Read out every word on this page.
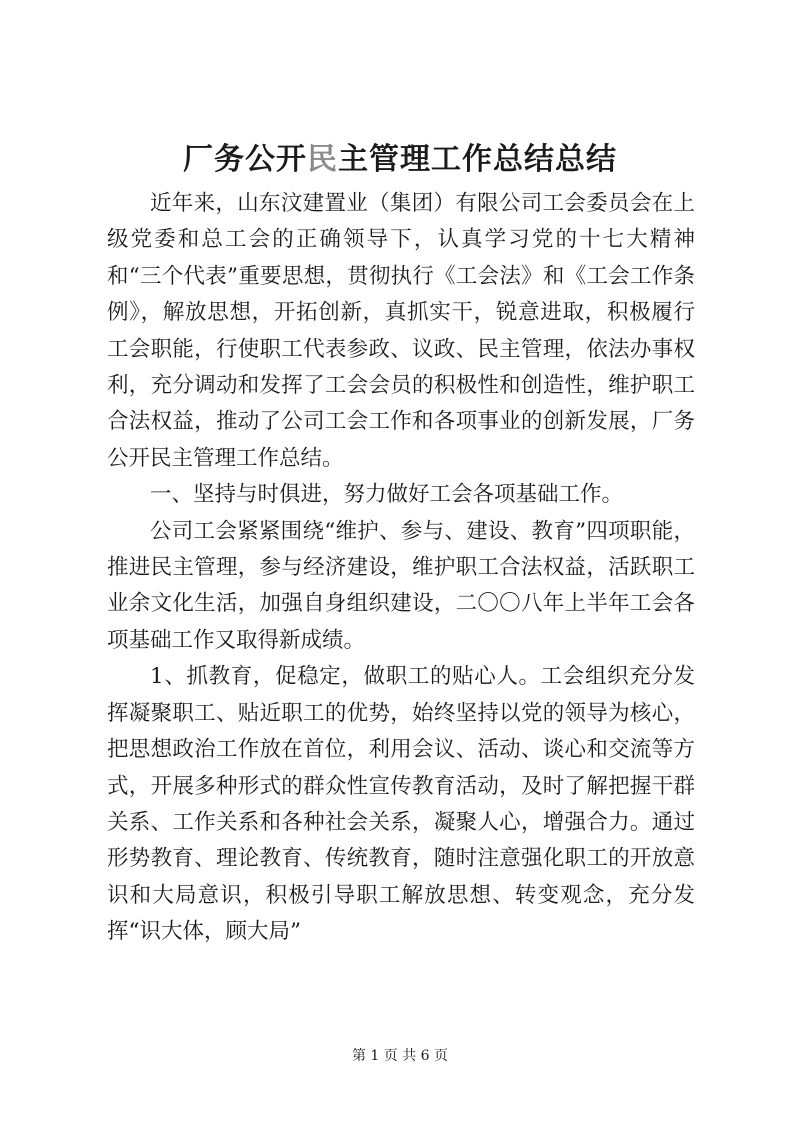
厂务公开民主管理工作总结总结

近年来，山东汶建置业（集团）有限公司工会委员会在上级党委和总工会的正确领导下，认真学习党的十七大精神和“三个代表”重要思想，贯彻执行《工会法》和《工会工作条例》，解放思想，开拓创新，真抓实干，锐意进取，积极履行工会职能，行使职工代表参政、议政、民主管理，依法办事权利，充分调动和发挥了工会会员的积极性和创造性，维护职工合法权益，推动了公司工会工作和各项事业的创新发展，厂务公开民主管理工作总结。

一、坚持与时俱进，努力做好工会各项基础工作。

公司工会紧紧围绕“维护、参与、建设、教育”四项职能，推进民主管理，参与经济建设，维护职工合法权益，活跃职工业余文化生活，加强自身组织建设，二〇〇八年上半年工会各项基础工作又取得新成绩。

1、抓教育，促稳定，做职工的贴心人。工会组织充分发挥凝聚职工、贴近职工的优势，始终坚持以党的领导为核心，把思想政治工作放在首位，利用会议、活动、谈心和交流等方式，开展多种形式的群众性宣传教育活动，及时了解把握干群关系、工作关系和各种社会关系，凝聚人心，增强合力。通过形势教育、理论教育、传统教育，随时注意强化职工的开放意识和大局意识，积极引导职工解放思想、转变观念，充分发挥“识大体，顾大局”

第 1 页 共 6 页
